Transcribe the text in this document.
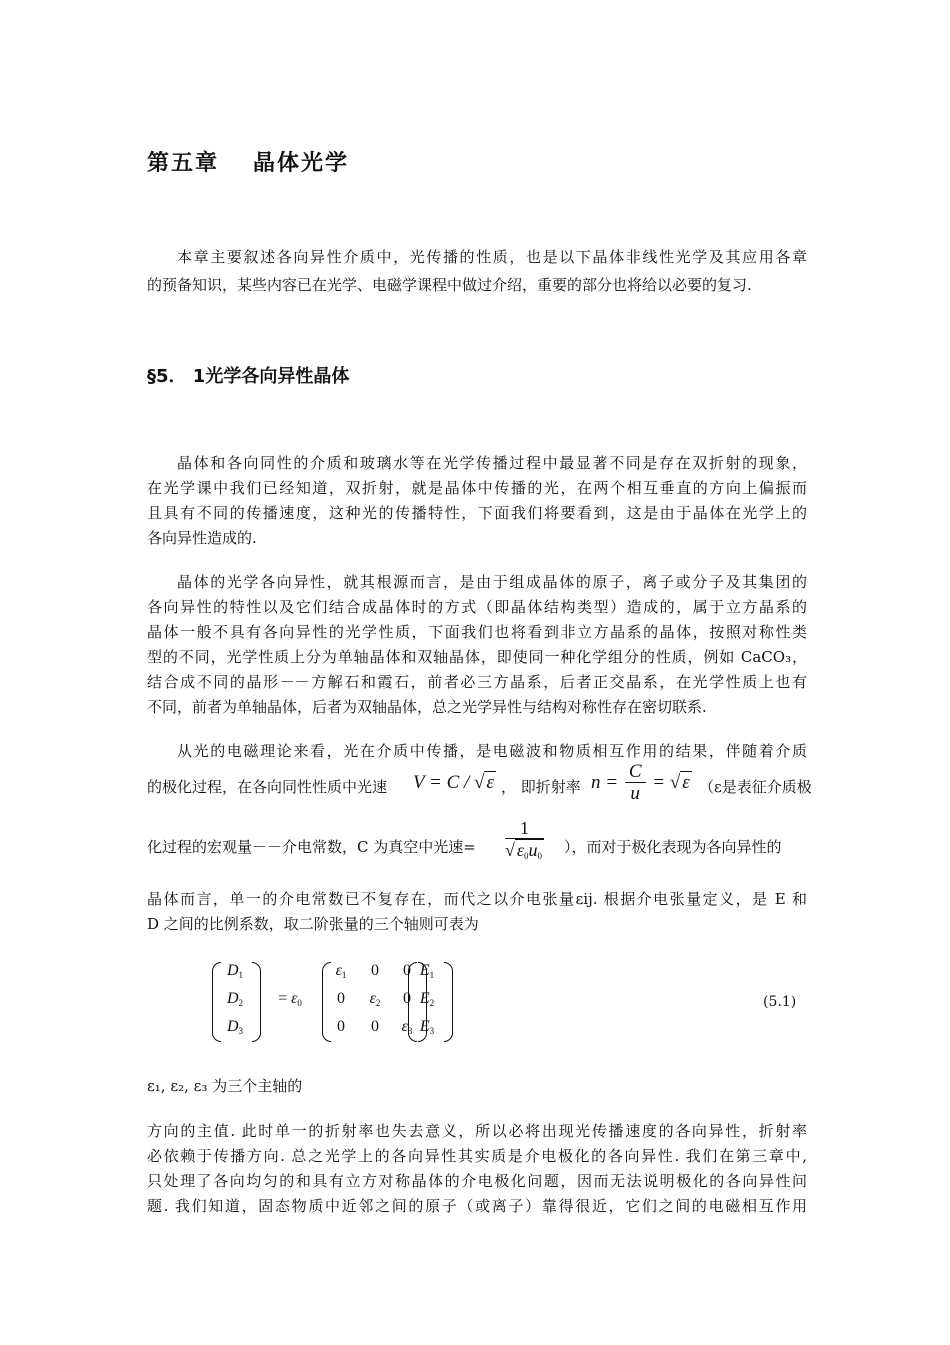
第五章 晶体光学
本章主要叙述各向异性介质中，光传播的性质，也是以下晶体非线性光学及其应用各章
的预备知识，某些内容已在光学、电磁学课程中做过介绍，重要的部分也将给以必要的复习.
§5． 1光学各向异性晶体
晶体和各向同性的介质和玻璃水等在光学传播过程中最显著不同是存在双折射的现象，
在光学课中我们已经知道，双折射，就是晶体中传播的光，在两个相互垂直的方向上偏振而
且具有不同的传播速度，这种光的传播特性，下面我们将要看到，这是由于晶体在光学上的
各向异性造成的.
晶体的光学各向异性，就其根源而言，是由于组成晶体的原子，离子或分子及其集团的
各向异性的特性以及它们结合成晶体时的方式（即晶体结构类型）造成的，属于立方晶系的
晶体一般不具有各向异性的光学性质，下面我们也将看到非立方晶系的晶体，按照对称性类
型的不同，光学性质上分为单轴晶体和双轴晶体，即使同一种化学组分的性质，例如 CaCO₃，
结合成不同的晶形－－方解石和霞石，前者必三方晶系，后者正交晶系，在光学性质上也有
不同，前者为单轴晶体，后者为双轴晶体，总之光学异性与结构对称性存在密切联系.
从光的电磁理论来看，光在介质中传播，是电磁波和物质相互作用的结果，伴随着介质
的极化过程，在各向同性性质中光速 V = C / √ ε ， 即折射率 $n = \frac{C}{u}$ = √ ε （ε是表征介质极
化过程的宏观量－－介电常数，C 为真空中光速= $\frac{1}{√ \varepsilon_0u_0}$ ），而对于极化表现为各向异性的
晶体而言，单一的介电常数已不复存在，而代之以介电张量εij. 根据介电张量定义，是 E 和
D 之间的比例系数，取二阶张量的三个轴则可表为
$D_1$
$D_2$
$D_3$
= $\varepsilon_0$
$\varepsilon_1$	0	0
0	$\varepsilon_2$	0
0	0	$\varepsilon_3$
$E_1$
$E_2$
$E_3$
(5.1)
ε₁, ε₂, ε₃ 为三个主轴的
方向的主值. 此时单一的折射率也失去意义，所以必将出现光传播速度的各向异性，折射率
必依赖于传播方向. 总之光学上的各向异性其实质是介电极化的各向异性. 我们在第三章中,
只处理了各向均匀的和具有立方对称晶体的介电极化问题，因而无法说明极化的各向异性问
题. 我们知道，固态物质中近邻之间的原子（或离子）靠得很近，它们之间的电磁相互作用
